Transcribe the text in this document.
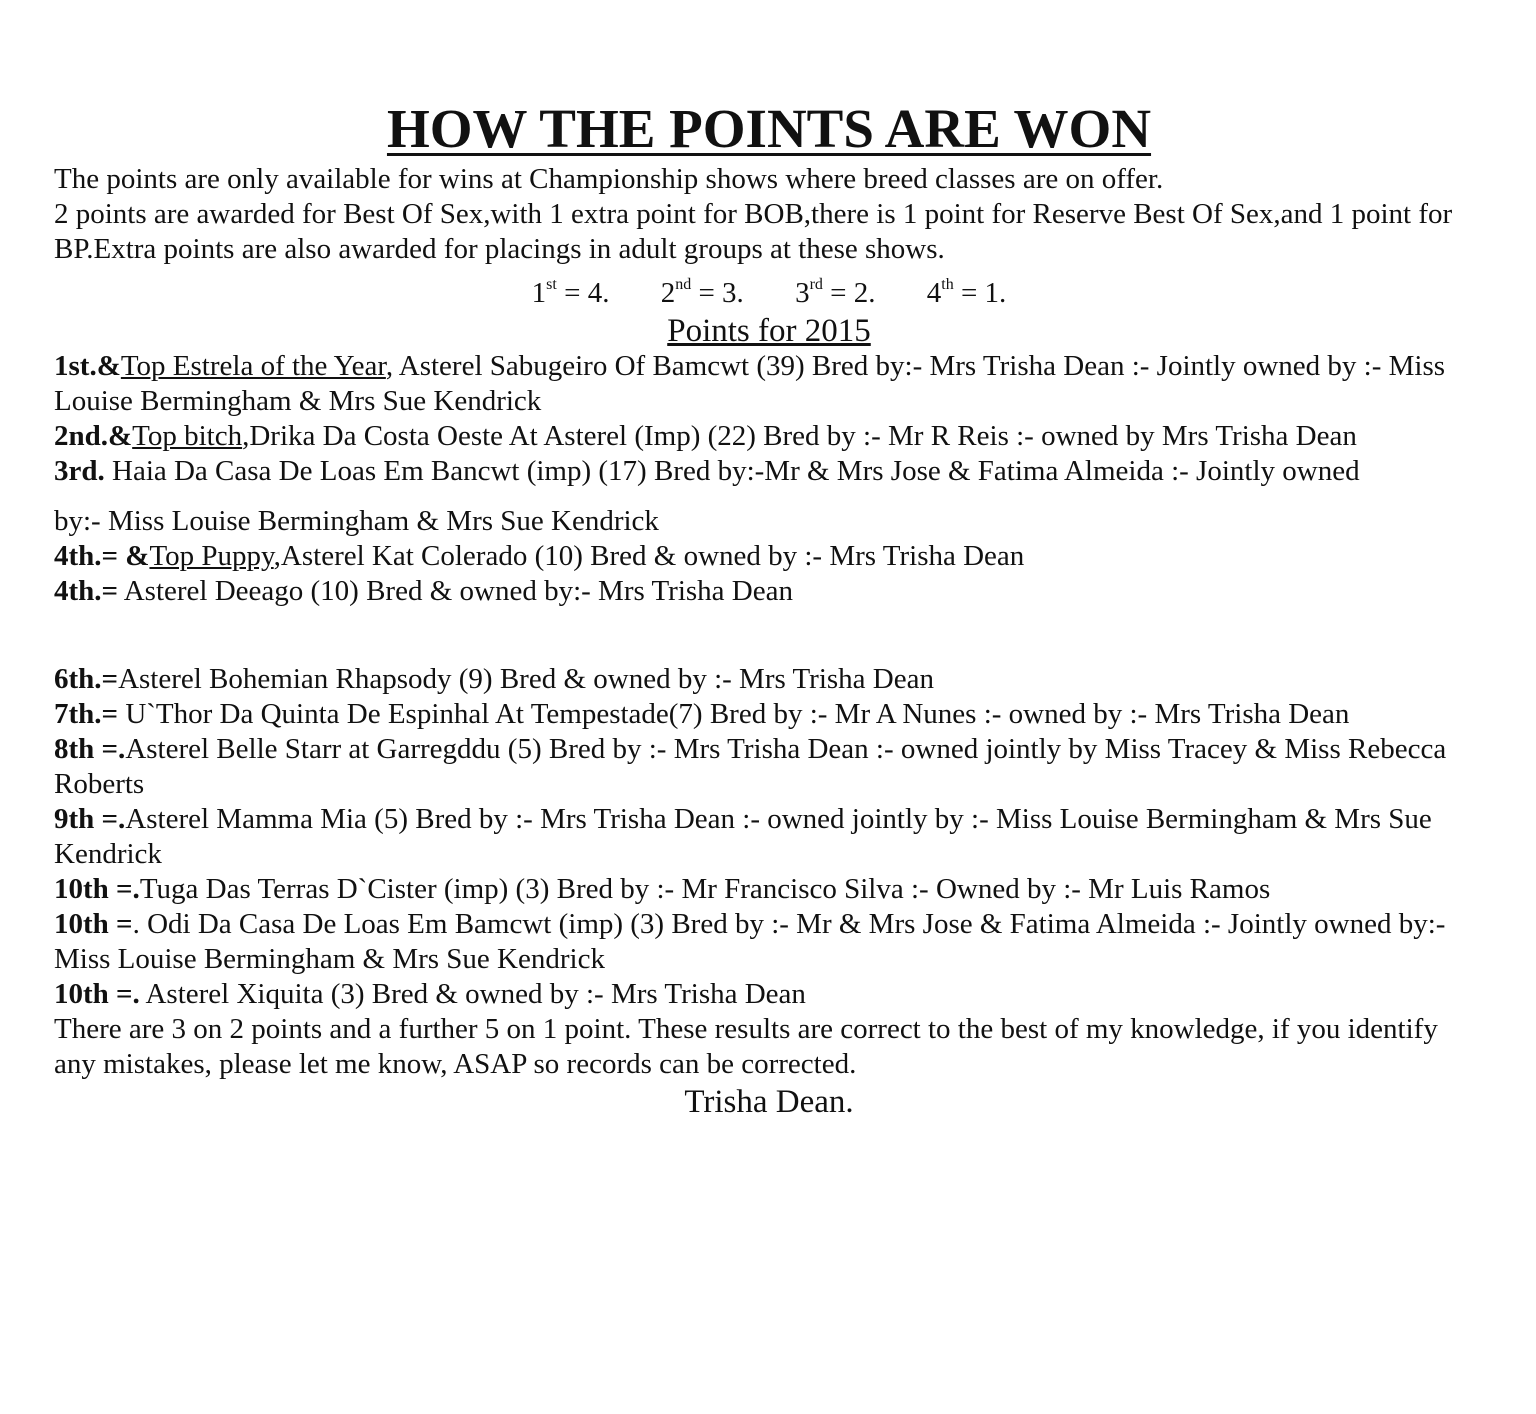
HOW THE POINTS ARE WON

The points are only available for wins at Championship shows where breed classes are on offer.

2 points are awarded for Best Of Sex,with 1 extra point for BOB,there is 1 point for Reserve Best Of Sex,and 1 point for BP.Extra points are also awarded for placings in adult groups at these shows.

1st = 4. 2nd = 3. 3rd = 2. 4th = 1.

Points for 2015

1st.&Top Estrela of the Year, Asterel Sabugeiro Of Bamcwt (39) Bred by:- Mrs Trisha Dean :- Jointly owned by :- Miss Louise Bermingham & Mrs Sue Kendrick

2nd.&Top bitch,Drika Da Costa Oeste At Asterel (Imp) (22) Bred by :- Mr R Reis :- owned by Mrs Trisha Dean

3rd. Haia Da Casa De Loas Em Bancwt (imp) (17) Bred by:-Mr & Mrs Jose & Fatima Almeida :- Jointly owned

by:- Miss Louise Bermingham & Mrs Sue Kendrick

4th.= &Top Puppy,Asterel Kat Colerado (10) Bred & owned by :- Mrs Trisha Dean

4th.= Asterel Deeago (10) Bred & owned by:- Mrs Trisha Dean

6th.=Asterel Bohemian Rhapsody (9) Bred & owned by :- Mrs Trisha Dean

7th.= U`Thor Da Quinta De Espinhal At Tempestade(7) Bred by :- Mr A Nunes :- owned by :- Mrs Trisha Dean

8th =.Asterel Belle Starr at Garregddu (5) Bred by :- Mrs Trisha Dean :- owned jointly by Miss Tracey & Miss Rebecca Roberts

9th =.Asterel Mamma Mia (5) Bred by :- Mrs Trisha Dean :- owned jointly by :- Miss Louise Bermingham & Mrs Sue Kendrick

10th =.Tuga Das Terras D`Cister (imp) (3) Bred by :- Mr Francisco Silva :- Owned by :- Mr Luis Ramos

10th =. Odi Da Casa De Loas Em Bamcwt (imp) (3) Bred by :- Mr & Mrs Jose & Fatima Almeida :- Jointly owned by:- Miss Louise Bermingham & Mrs Sue Kendrick

10th =. Asterel Xiquita (3) Bred & owned by :- Mrs Trisha Dean

There are 3 on 2 points and a further 5 on 1 point. These results are correct to the best of my knowledge, if you identify any mistakes, please let me know, ASAP so records can be corrected.

Trisha Dean.
